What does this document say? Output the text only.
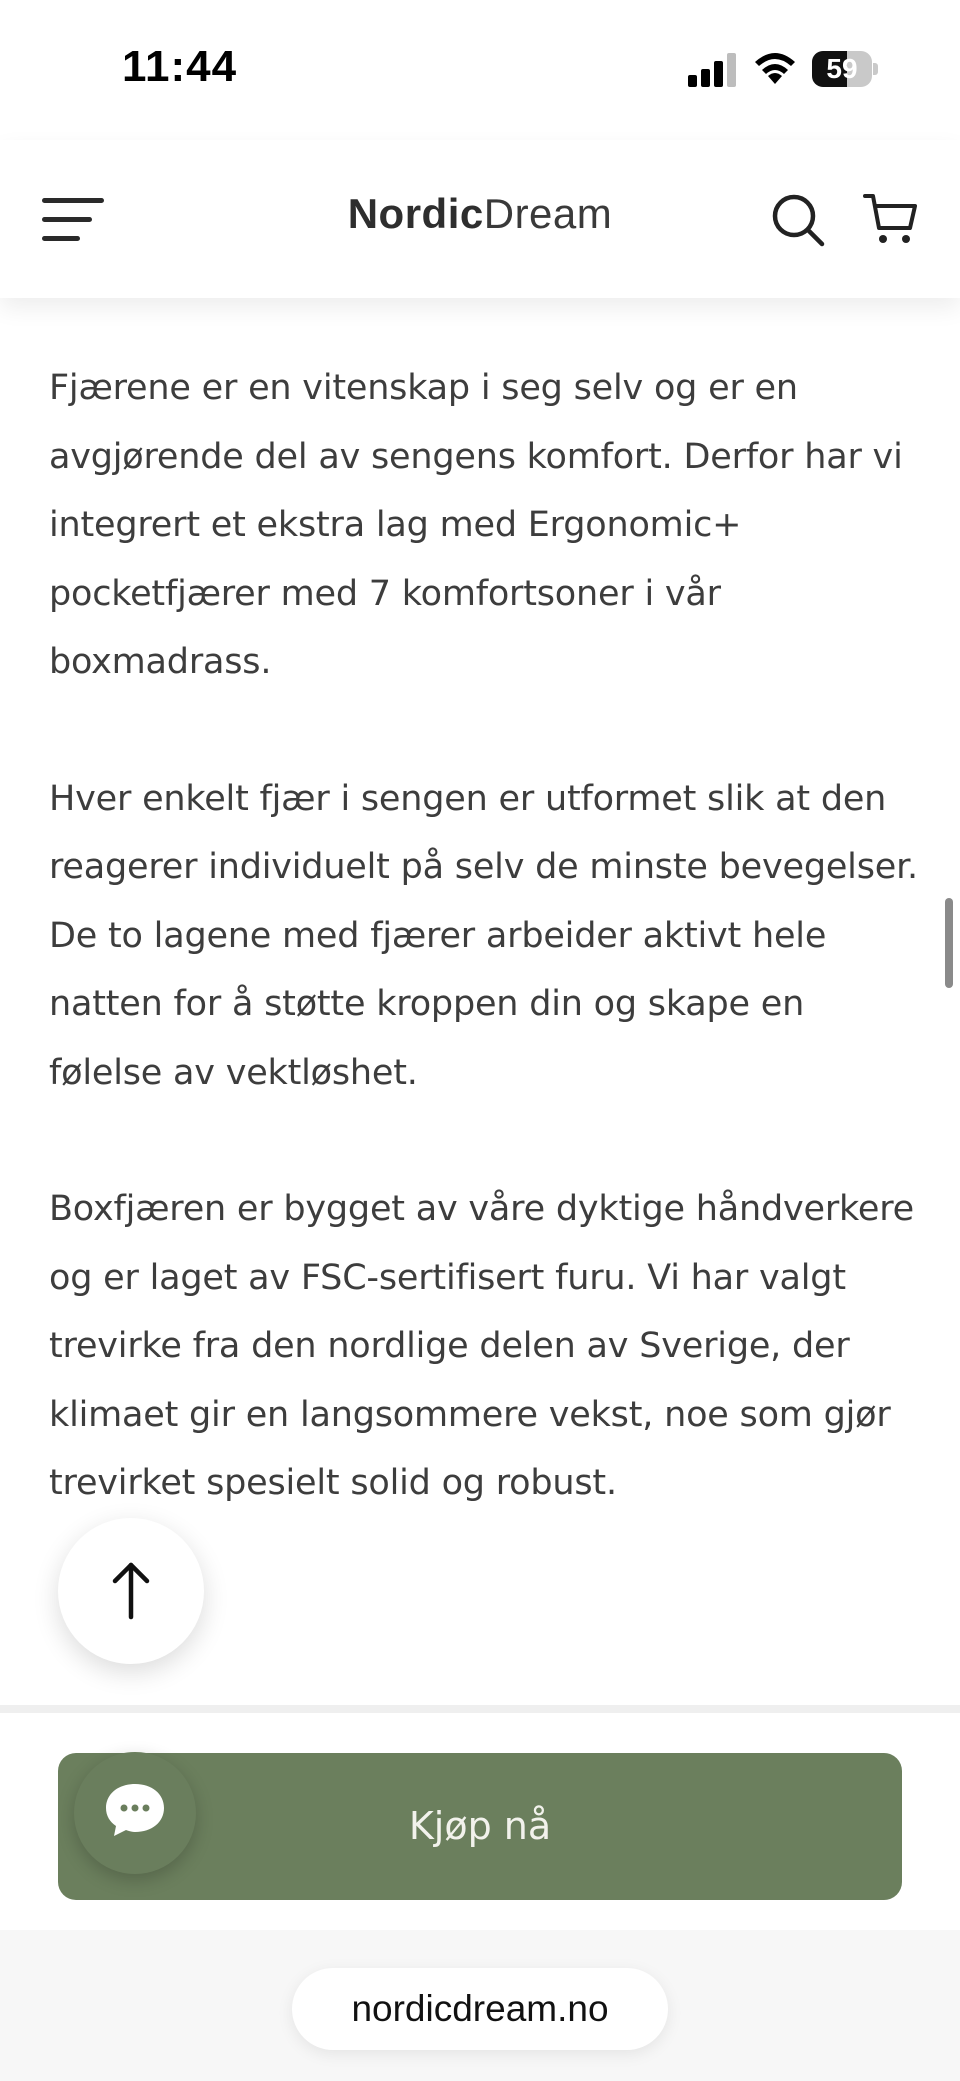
11:44	59
NordicDream

Fjærene er en vitenskap i seg selv og er en avgjørende del av sengens komfort. Derfor har vi integrert et ekstra lag med Ergonomic+ pocketfjærer med 7 komfortsoner i vår boxmadrass.

Hver enkelt fjær i sengen er utformet slik at den reagerer individuelt på selv de minste bevegelser. De to lagene med fjærer arbeider aktivt hele natten for å støtte kroppen din og skape en følelse av vektløshet.

Boxfjæren er bygget av våre dyktige håndverkere og er laget av FSC-sertifisert furu. Vi har valgt trevirke fra den nordlige delen av Sverige, der klimaet gir en langsommere vekst, noe som gjør trevirket spesielt solid og robust.

Kjøp nå
nordicdream.no
